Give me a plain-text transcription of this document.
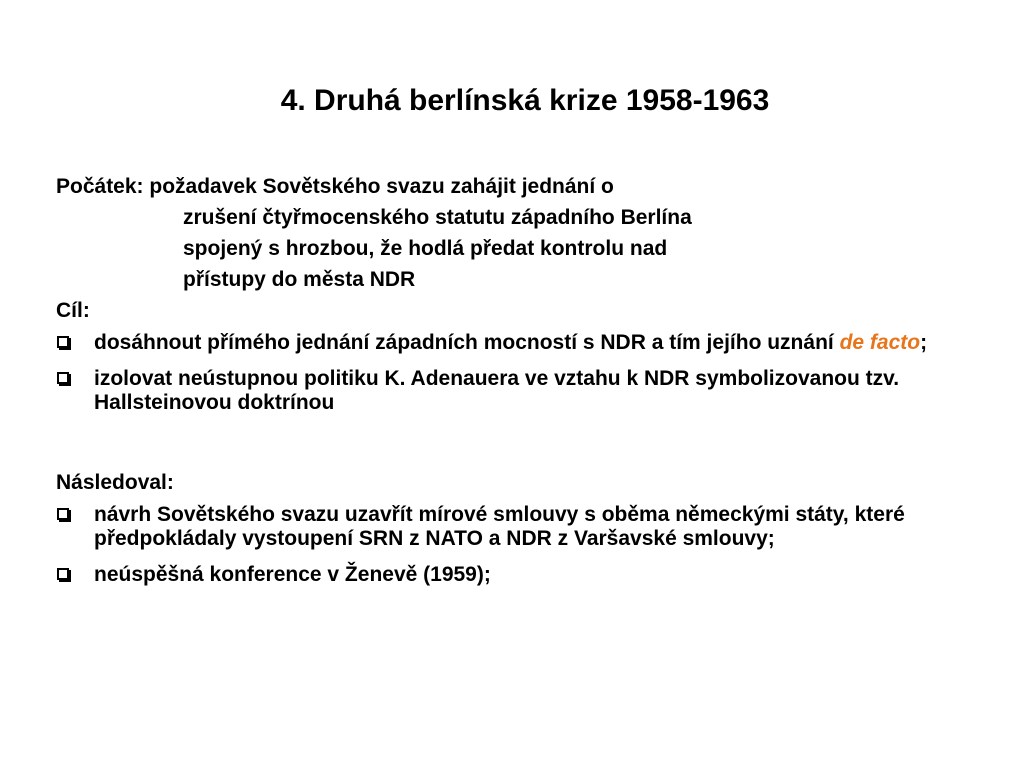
4. Druhá berlínská krize 1958-1963
Počátek: požadavek Sovětského svazu zahájit jednání o
zrušení čtyřmocenského statutu západního Berlína
spojený s hrozbou, že hodlá předat kontrolu nad
přístupy do města NDR
Cíl:
dosáhnout přímého jednání západních mocností s NDR a tím jejího uznání de facto;
izolovat neústupnou politiku K. Adenauera ve vztahu k NDR symbolizovanou tzv. Hallsteinovou doktrínou
Následoval:
návrh Sovětského svazu uzavřít mírové smlouvy s oběma německými státy, které předpokládaly vystoupení SRN z NATO a NDR z Varšavské smlouvy;
neúspěšná konference v Ženevě (1959);
